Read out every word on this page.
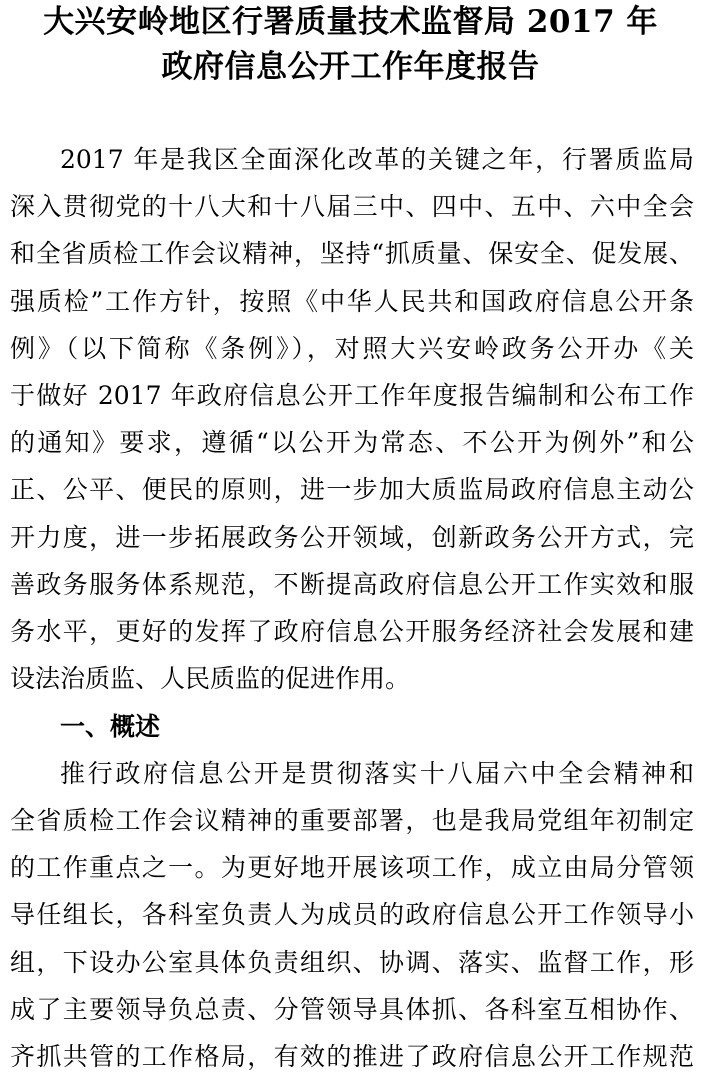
大兴安岭地区行署质量技术监督局 2017 年
政府信息公开工作年度报告
2017 年是我区全面深化改革的关键之年，行署质监局
深入贯彻党的十八大和十八届三中、四中、五中、六中全会
和全省质检工作会议精神，坚持“抓质量、保安全、促发展、
强质检”工作方针，按照《中华人民共和国政府信息公开条
例》（以下简称《条例》），对照大兴安岭政务公开办《关
于做好 2017 年政府信息公开工作年度报告编制和公布工作
的通知》要求，遵循“以公开为常态、不公开为例外”和公
正、公平、便民的原则，进一步加大质监局政府信息主动公
开力度，进一步拓展政务公开领域，创新政务公开方式，完
善政务服务体系规范，不断提高政府信息公开工作实效和服
务水平，更好的发挥了政府信息公开服务经济社会发展和建
设法治质监、人民质监的促进作用。
一、概述
推行政府信息公开是贯彻落实十八届六中全会精神和
全省质检工作会议精神的重要部署，也是我局党组年初制定
的工作重点之一。为更好地开展该项工作，成立由局分管领
导任组长，各科室负责人为成员的政府信息公开工作领导小
组，下设办公室具体负责组织、协调、落实、监督工作，形
成了主要领导负总责、分管领导具体抓、各科室互相协作、
齐抓共管的工作格局，有效的推进了政府信息公开工作规范
